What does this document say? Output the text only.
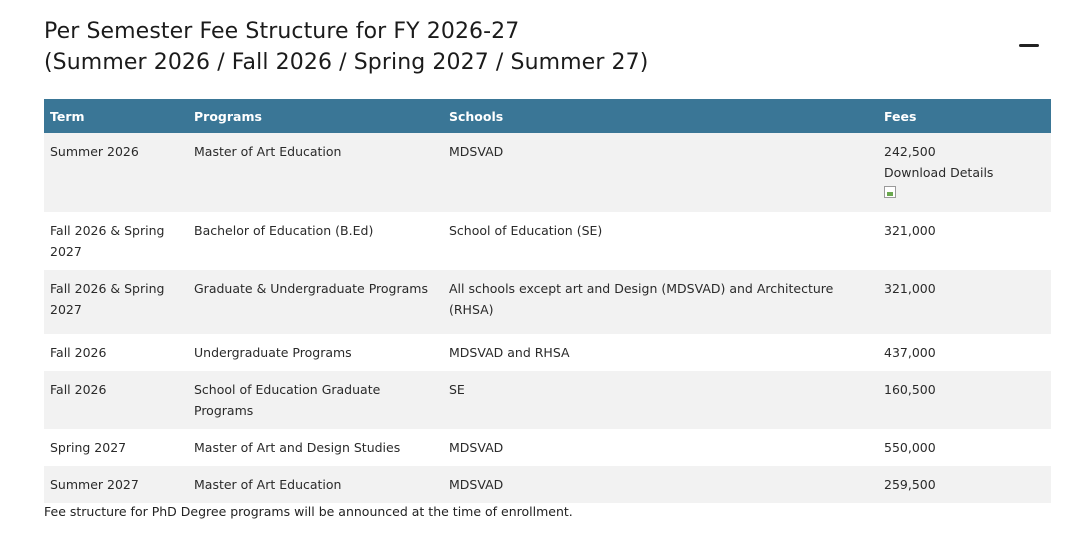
Per Semester Fee Structure for FY 2026-27
(Summer 2026 / Fall 2026 / Spring 2027 / Summer 27)
Term	Programs	Schools	Fees
Summer 2026	Master of Art Education	MDSVAD	242,500
Download Details

Fall 2026 & Spring 2027	Bachelor of Education (B.Ed)	School of Education (SE)	321,000
Fall 2026 & Spring 2027	Graduate & Undergraduate Programs	All schools except art and Design (MDSVAD) and Architecture (RHSA)	321,000
Fall 2026	Undergraduate Programs	MDSVAD and RHSA	437,000
Fall 2026	School of Education Graduate Programs	SE	160,500
Spring 2027	Master of Art and Design Studies	MDSVAD	550,000
Summer 2027	Master of Art Education	MDSVAD	259,500
Fee structure for PhD Degree programs will be announced at the time of enrollment.
